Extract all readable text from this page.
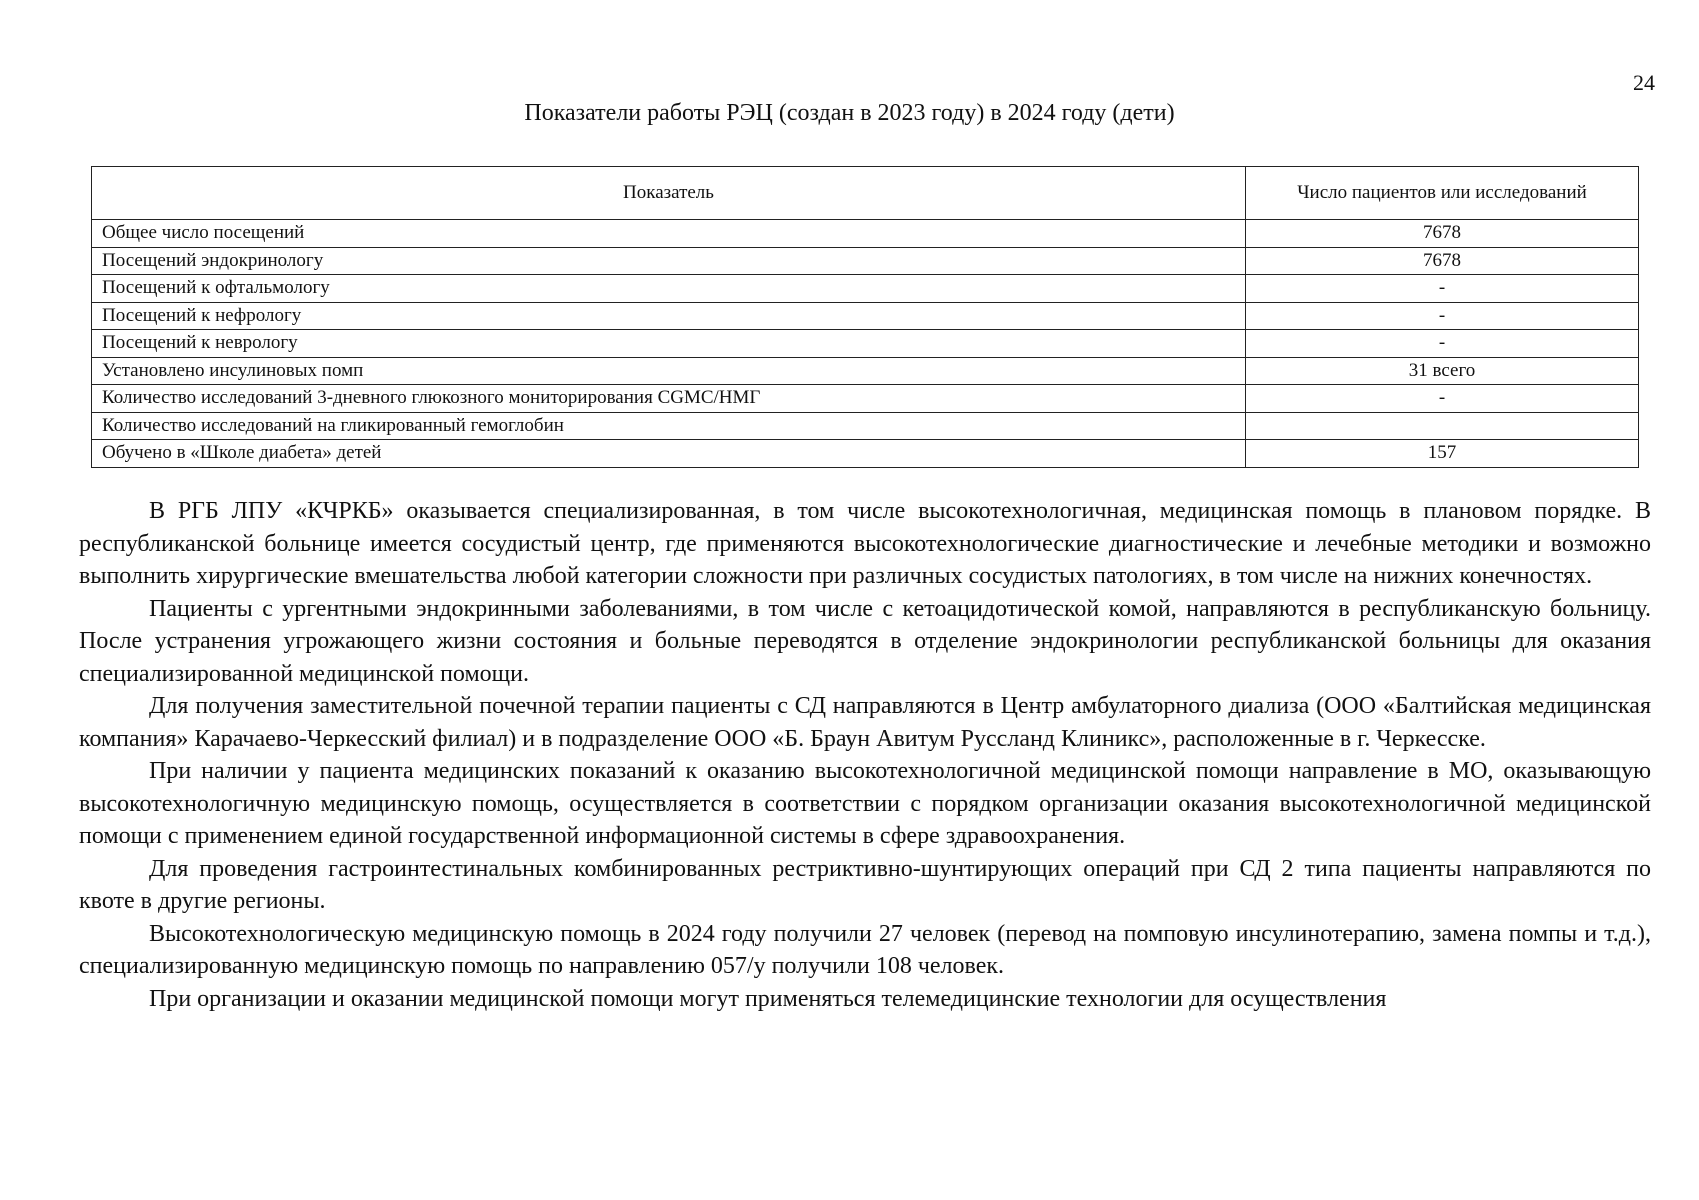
24
Показатели работы РЭЦ (создан в 2023 году) в 2024 году (дети)
Показатель	Число пациентов или исследований
Общее число посещений	7678
Посещений эндокринологу	7678
Посещений к офтальмологу	-
Посещений к нефрологу	-
Посещений к неврологу	-
Установлено инсулиновых помп	31 всего
Количество исследований 3-дневного глюкозного мониторирования CGMC/НМГ	-
Количество исследований на гликированный гемоглобин	
Обучено в «Школе диабета» детей	157

В РГБ ЛПУ «КЧРКБ» оказывается специализированная, в том числе высокотехнологичная, медицинская помощь в плановом порядке. В республиканской больнице имеется сосудистый центр, где применяются высокотехнологические диагностические и лечебные методики и возможно выполнить хирургические вмешательства любой категории сложности при различных сосудистых патологиях, в том числе на нижних конечностях.

Пациенты с ургентными эндокринными заболеваниями, в том числе с кетоацидотической комой, направляются в республиканскую больницу. После устранения угрожающего жизни состояния и больные переводятся в отделение эндокринологии республиканской больницы для оказания специализированной медицинской помощи.

Для получения заместительной почечной терапии пациенты с СД направляются в Центр амбулаторного диализа (ООО «Балтийская медицинская компания» Карачаево-Черкесский филиал) и в подразделение ООО «Б. Браун Авитум Руссланд Клиникс», расположенные в г. Черкесске.

При наличии у пациента медицинских показаний к оказанию высокотехнологичной медицинской помощи направление в МО, оказывающую высокотехнологичную медицинскую помощь, осуществляется в соответствии с порядком организации оказания высокотехнологичной медицинской помощи с применением единой государственной информационной системы в сфере здравоохранения.

Для проведения гастроинтестинальных комбинированных рестриктивно-шунтирующих операций при СД 2 типа пациенты направляются по квоте в другие регионы.

Высокотехнологическую медицинскую помощь в 2024 году получили 27 человек (перевод на помповую инсулинотерапию, замена помпы и т.д.), специализированную медицинскую помощь по направлению 057/у получили 108 человек.

При организации и оказании медицинской помощи могут применяться телемедицинские технологии для осуществления
